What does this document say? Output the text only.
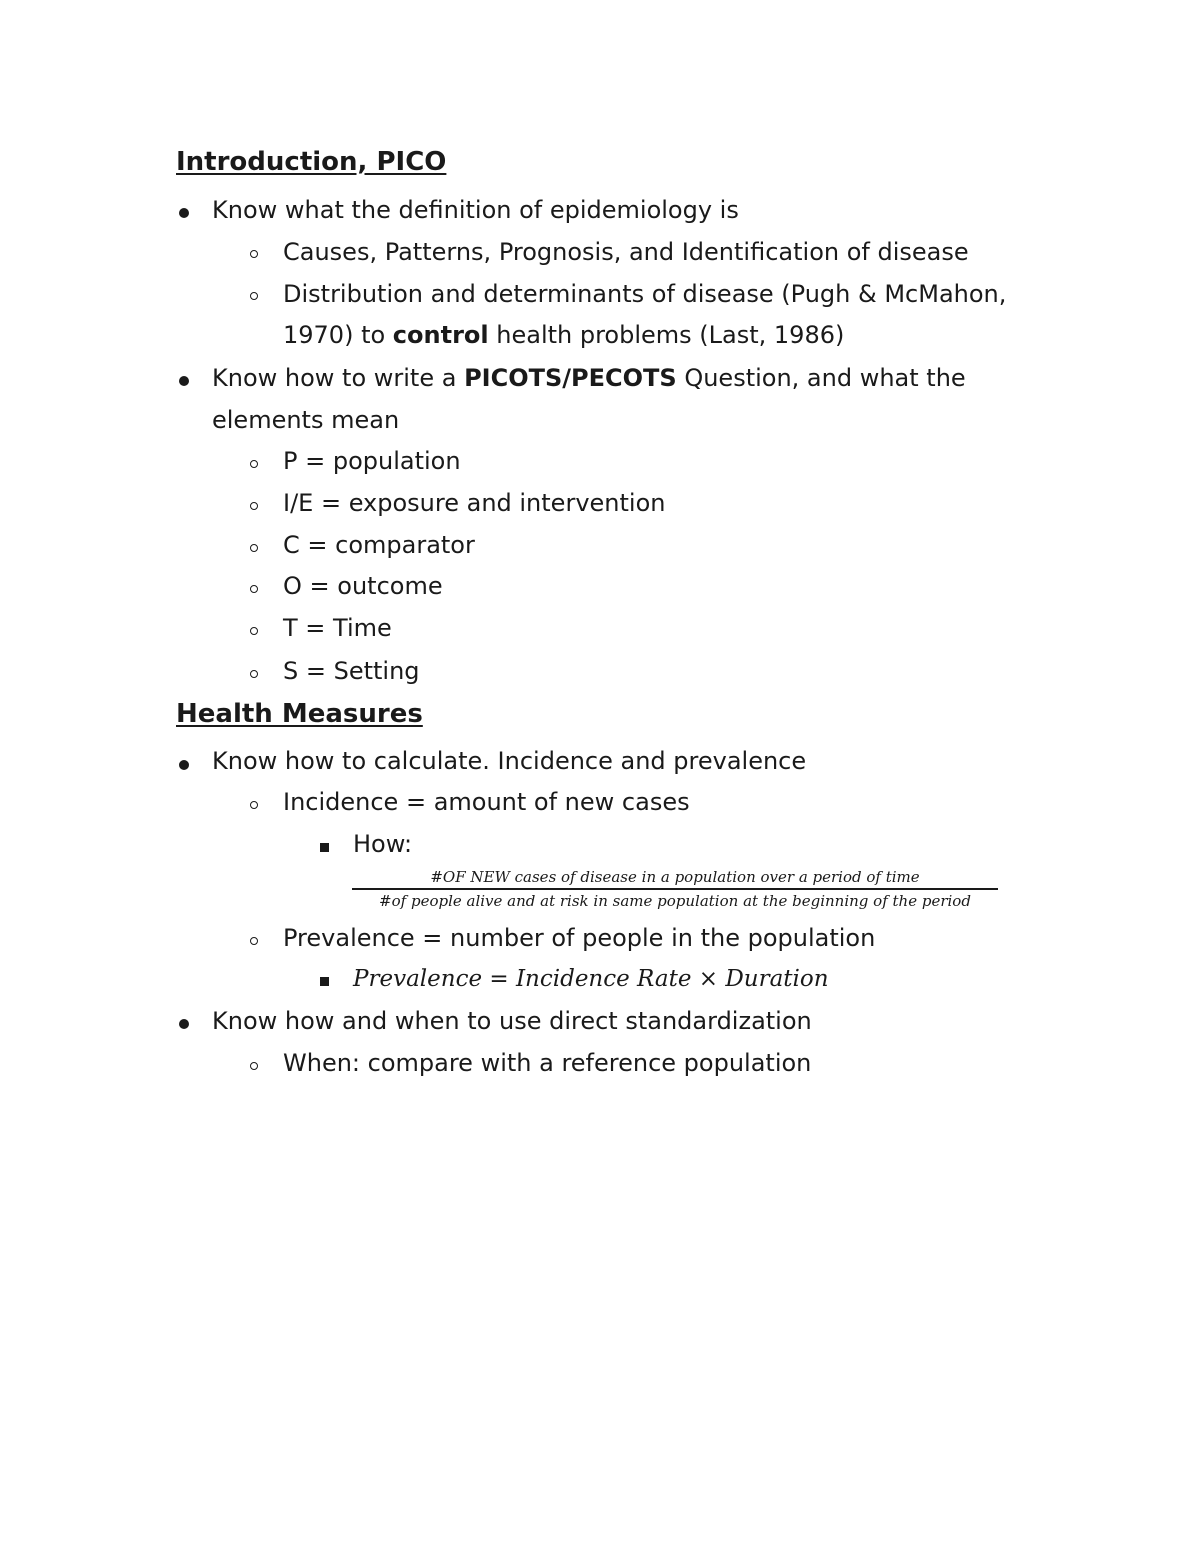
Introduction, PICO
Know what the definition of epidemiology is
Causes, Patterns, Prognosis, and Identification of disease
Distribution and determinants of disease (Pugh & McMahon,
1970) to control health problems (Last, 1986)
Know how to write a PICOTS/PECOTS Question, and what the
elements mean
P = population
I/E = exposure and intervention
C = comparator
O = outcome
T = Time
S = Setting
Health Measures
Know how to calculate. Incidence and prevalence
Incidence = amount of new cases
How:
#OF NEW cases of disease in a population over a period of time
#of people alive and at risk in same population at the beginning of the period
Prevalence = number of people in the population
Prevalence = Incidence Rate × Duration
Know how and when to use direct standardization
When: compare with a reference population
